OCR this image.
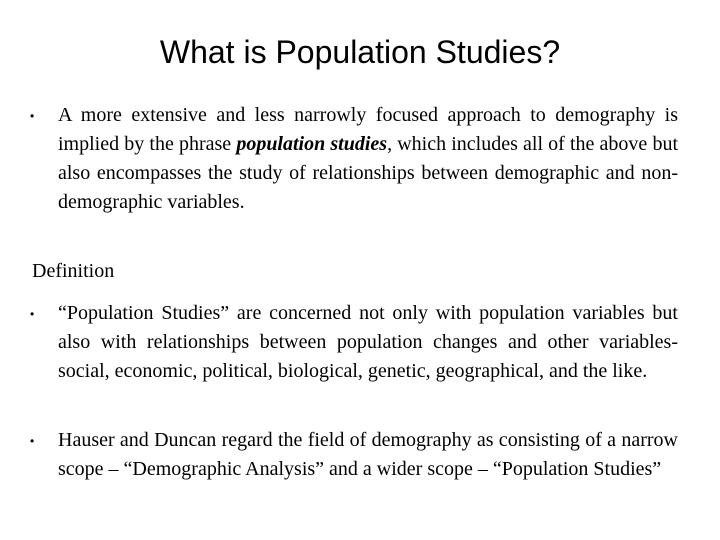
What is Population Studies?
• A more extensive and less narrowly focused approach to demography is implied by the phrase population studies, which includes all of the above but also encompasses the study of relationships between demographic and non-demographic variables.
Definition
• “Population Studies” are concerned not only with population variables but also with relationships between population changes and other variables- social, economic, political, biological, genetic, geographical, and the like.
• Hauser and Duncan regard the field of demography as consisting of a narrow scope – “Demographic Analysis” and a wider scope – “Population Studies”
